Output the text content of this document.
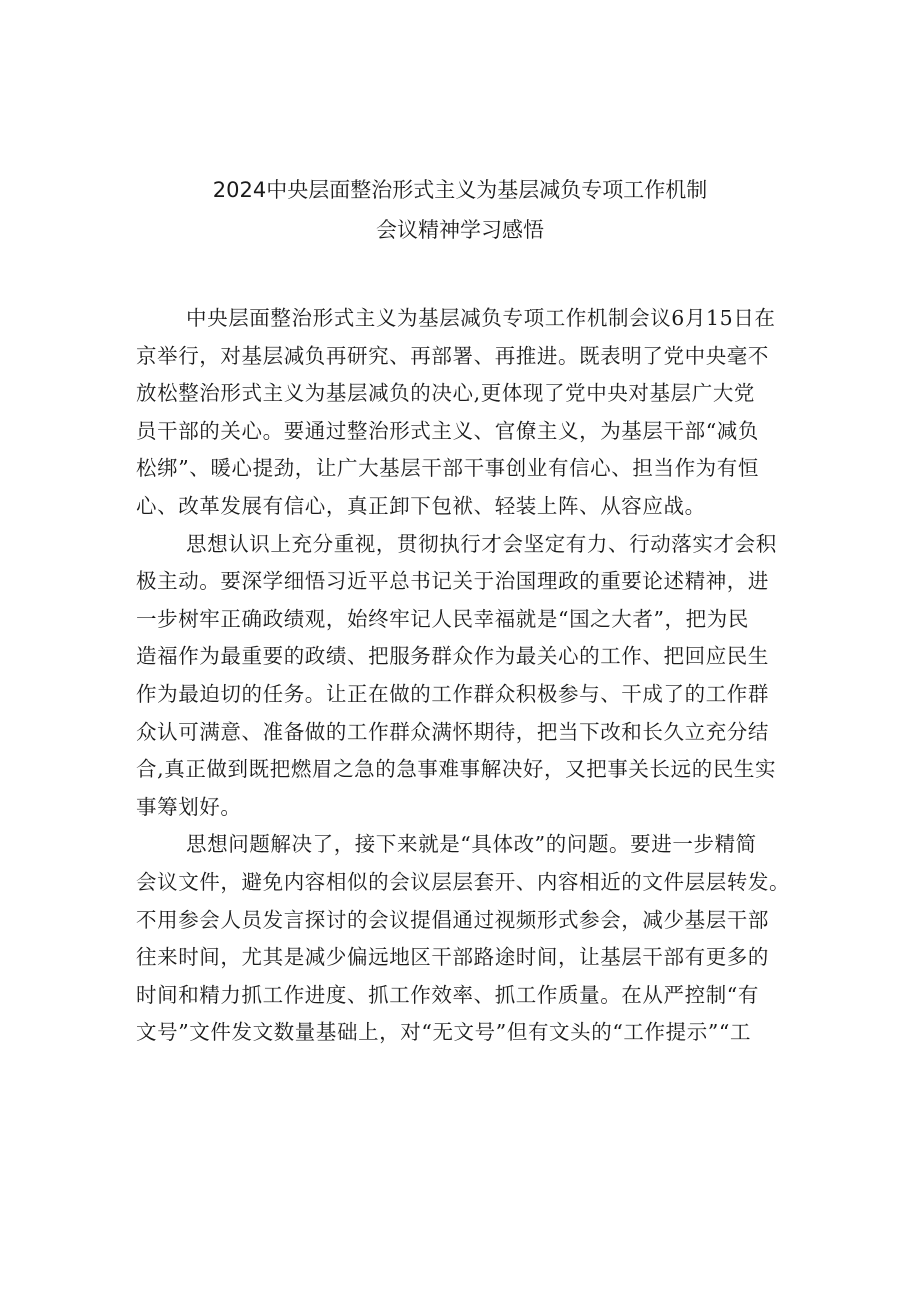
2024中央层面整治形式主义为基层减负专项工作机制
会议精神学习感悟
中央层面整治形式主义为基层减负专项工作机制会议6月15日在
京举行，对基层减负再研究、再部署、再推进。既表明了党中央毫不
放松整治形式主义为基层减负的决心,更体现了党中央对基层广大党
员干部的关心。要通过整治形式主义、官僚主义，为基层干部“减负
松绑”、暖心提劲，让广大基层干部干事创业有信心、担当作为有恒
心、改革发展有信心，真正卸下包袱、轻装上阵、从容应战。
思想认识上充分重视，贯彻执行才会坚定有力、行动落实才会积
极主动。要深学细悟习近平总书记关于治国理政的重要论述精神，进
一步树牢正确政绩观，始终牢记人民幸福就是“国之大者”，把为民
造福作为最重要的政绩、把服务群众作为最关心的工作、把回应民生
作为最迫切的任务。让正在做的工作群众积极参与、干成了的工作群
众认可满意、准备做的工作群众满怀期待，把当下改和长久立充分结
合,真正做到既把燃眉之急的急事难事解决好，又把事关长远的民生实
事筹划好。
思想问题解决了，接下来就是“具体改”的问题。要进一步精简
会议文件，避免内容相似的会议层层套开、内容相近的文件层层转发。
不用参会人员发言探讨的会议提倡通过视频形式参会，减少基层干部
往来时间，尤其是减少偏远地区干部路途时间，让基层干部有更多的
时间和精力抓工作进度、抓工作效率、抓工作质量。在从严控制“有
文号”文件发文数量基础上，对“无文号”但有文头的“工作提示”“工
